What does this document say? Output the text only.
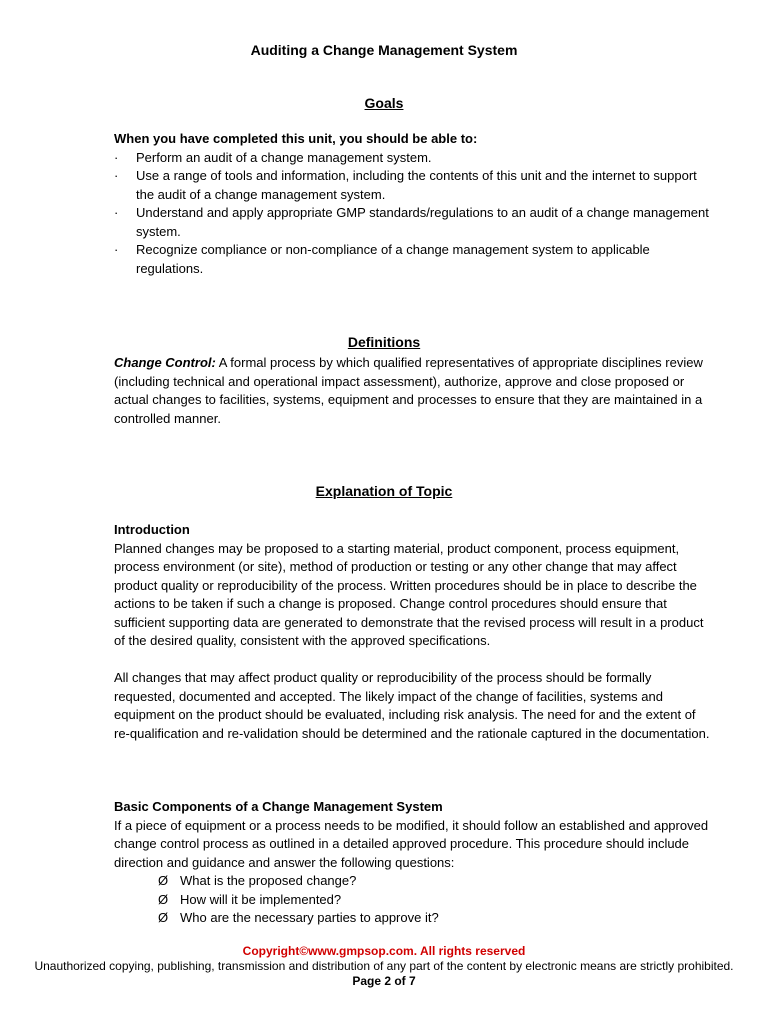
Auditing a Change Management System
Goals

When you have completed this unit, you should be able to:

· Perform an audit of a change management system.
· Use a range of tools and information, including the contents of this unit and the internet to support the audit of a change management system.
· Understand and apply appropriate GMP standards/regulations to an audit of a change management system.
· Recognize compliance or non-compliance of a change management system to applicable regulations.
Definitions

Change Control: A formal process by which qualified representatives of appropriate disciplines review (including technical and operational impact assessment), authorize, approve and close proposed or actual changes to facilities, systems, equipment and processes to ensure that they are maintained in a controlled manner.

Explanation of Topic

Introduction

Planned changes may be proposed to a starting material, product component, process equipment, process environment (or site), method of production or testing or any other change that may affect product quality or reproducibility of the process. Written procedures should be in place to describe the actions to be taken if such a change is proposed. Change control procedures should ensure that sufficient supporting data are generated to demonstrate that the revised process will result in a product of the desired quality, consistent with the approved specifications.

All changes that may affect product quality or reproducibility of the process should be formally requested, documented and accepted. The likely impact of the change of facilities, systems and equipment on the product should be evaluated, including risk analysis. The need for and the extent of re-qualification and re-validation should be determined and the rationale captured in the documentation.

Basic Components of a Change Management System

If a piece of equipment or a process needs to be modified, it should follow an established and approved change control process as outlined in a detailed approved procedure. This procedure should include direction and guidance and answer the following questions:

Ø What is the proposed change?
Ø How will it be implemented?
Ø Who are the necessary parties to approve it?
Copyright©www.gmpsop.com. All rights reserved
Unauthorized copying, publishing, transmission and distribution of any part of the content by electronic means are strictly prohibited.
Page 2 of 7
